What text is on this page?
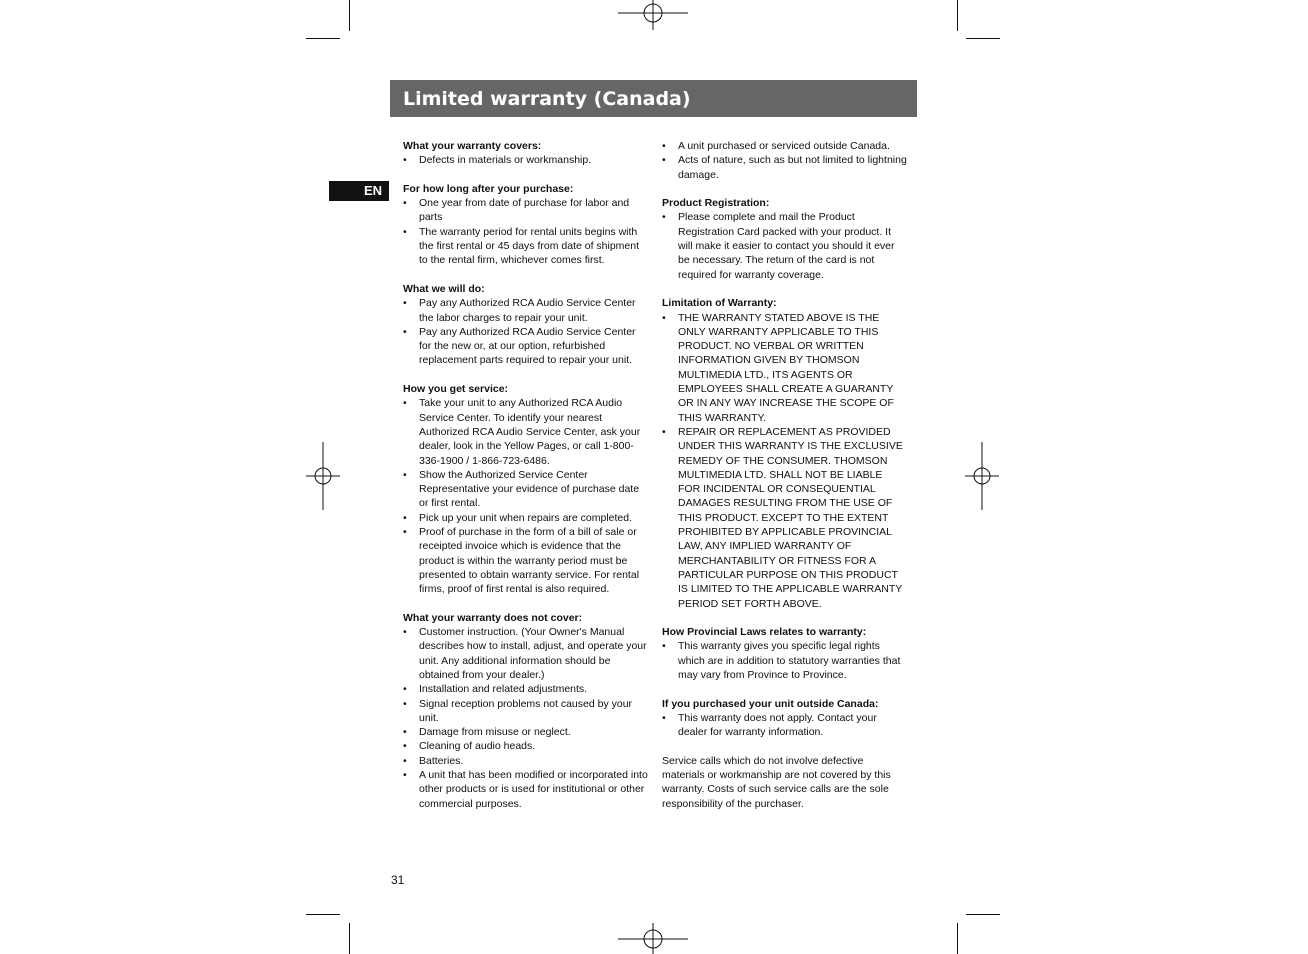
Limited warranty (Canada)
EN
What your warranty covers:
• Defects in materials or workmanship.
For how long after your purchase:
• One year from date of purchase for labor and parts
• The warranty period for rental units begins with the first rental or 45 days from date of shipment to the rental firm, whichever comes first.
What we will do:
• Pay any Authorized RCA Audio Service Center the labor charges to repair your unit.
• Pay any Authorized RCA Audio Service Center for the new or, at our option, refurbished replacement parts required to repair your unit.
How you get service:
• Take your unit to any Authorized RCA Audio Service Center. To identify your nearest Authorized RCA Audio Service Center, ask your dealer, look in the Yellow Pages, or call 1-800-336-1900 / 1-866-723-6486.
• Show the Authorized Service Center Representative your evidence of purchase date or first rental.
• Pick up your unit when repairs are completed.
• Proof of purchase in the form of a bill of sale or receipted invoice which is evidence that the product is within the warranty period must be presented to obtain warranty service. For rental firms, proof of first rental is also required.
What your warranty does not cover:
• Customer instruction. (Your Owner's Manual describes how to install, adjust, and operate your unit. Any additional information should be obtained from your dealer.)
• Installation and related adjustments.
• Signal reception problems not caused by your unit.
• Damage from misuse or neglect.
• Cleaning of audio heads.
• Batteries.
• A unit that has been modified or incorporated into other products or is used for institutional or other commercial purposes.
• A unit purchased or serviced outside Canada.
• Acts of nature, such as but not limited to lightning damage.
Product Registration:
• Please complete and mail the Product Registration Card packed with your product. It will make it easier to contact you should it ever be necessary. The return of the card is not required for warranty coverage.
Limitation of Warranty:
• THE WARRANTY STATED ABOVE IS THE ONLY WARRANTY APPLICABLE TO THIS PRODUCT. NO VERBAL OR WRITTEN INFORMATION GIVEN BY THOMSON MULTIMEDIA LTD., ITS AGENTS OR EMPLOYEES SHALL CREATE A GUARANTY OR IN ANY WAY INCREASE THE SCOPE OF THIS WARRANTY.
• REPAIR OR REPLACEMENT AS PROVIDED UNDER THIS WARRANTY IS THE EXCLUSIVE REMEDY OF THE CONSUMER. THOMSON MULTIMEDIA LTD. SHALL NOT BE LIABLE FOR INCIDENTAL OR CONSEQUENTIAL DAMAGES RESULTING FROM THE USE OF THIS PRODUCT. EXCEPT TO THE EXTENT PROHIBITED BY APPLICABLE PROVINCIAL LAW, ANY IMPLIED WARRANTY OF MERCHANTABILITY OR FITNESS FOR A PARTICULAR PURPOSE ON THIS PRODUCT IS LIMITED TO THE APPLICABLE WARRANTY PERIOD SET FORTH ABOVE.
How Provincial Laws relates to warranty:
• This warranty gives you specific legal rights which are in addition to statutory warranties that may vary from Province to Province.
If you purchased your unit outside Canada:
• This warranty does not apply. Contact your dealer for warranty information.
Service calls which do not involve defective materials or workmanship are not covered by this warranty. Costs of such service calls are the sole responsibility of the purchaser.
31
